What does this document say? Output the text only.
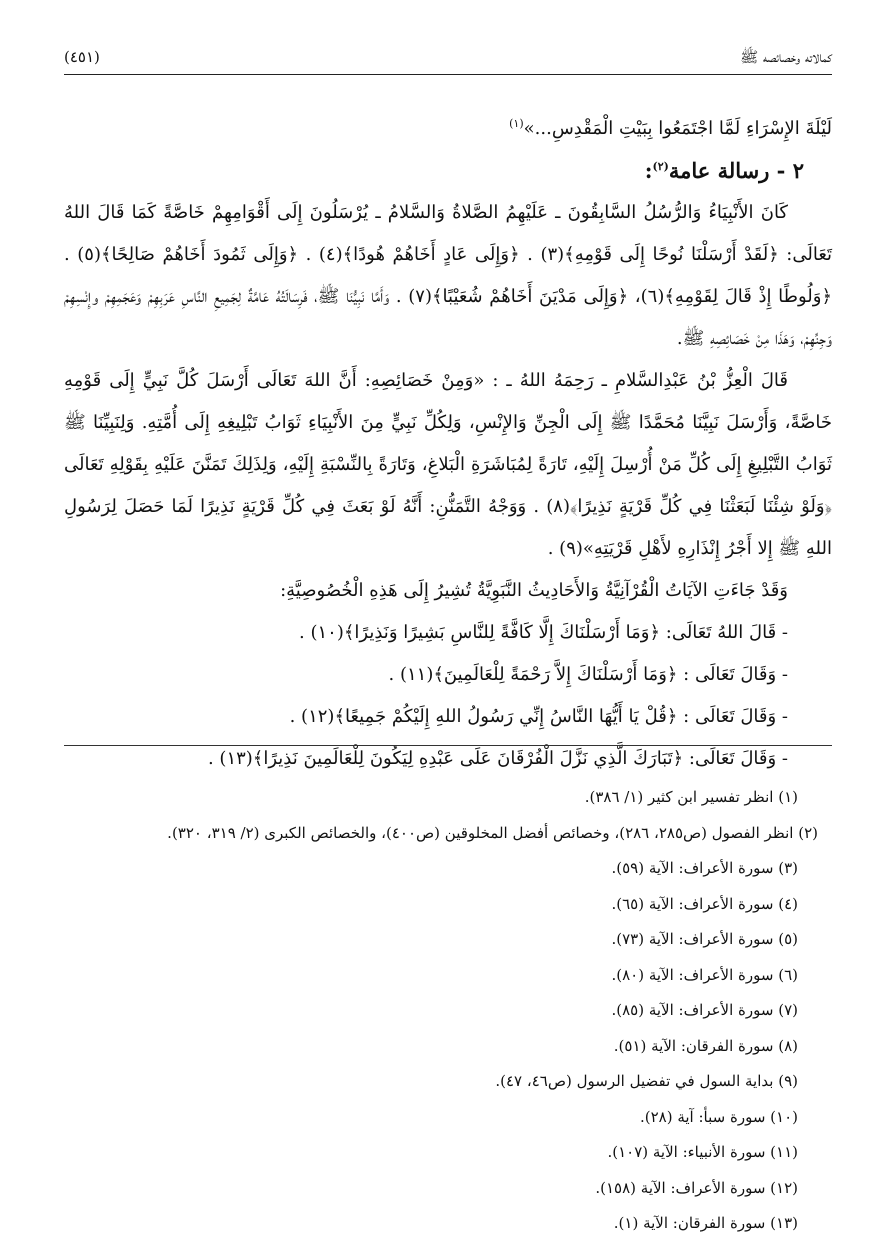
كمالاته وخصائصه ﷺ
(٤٥١)

لَيْلَةَ الإِسْرَاءِ لَمَّا اجْتَمَعُوا بِبَيْتِ الْمَقْدِسِ...»$^{(١)}$

٢ - رسالة عامة$^{(٢)}$:

كَانَ الأَنْبِيَاءُ وَالرُّسُلُ السَّابِقُونَ ـ عَلَيْهِمُ الصَّلاةُ وَالسَّلامُ ـ يُرْسَلُونَ إِلَى أَقْوَامِهِمْ خَاصَّةً كَمَا قَالَ اللهُ تَعَالَى: ﴿لَقَدْ أَرْسَلْنَا نُوحًا إِلَى قَوْمِهِ﴾(٣) . ﴿وَإِلَى عَادٍ أَخَاهُمْ هُودًا﴾(٤) . ﴿وَإِلَى ثَمُودَ أَخَاهُمْ صَالِحًا﴾(٥) . ﴿وَلُوطًا إِذْ قَالَ لِقَوْمِهِ﴾(٦)، ﴿وَإِلَى مَدْيَنَ أَخَاهُمْ شُعَيْبًا﴾(٧) . وَأَمَّا نَبِيُّنَا ﷺ، فَرِسَالَتُهُ عَامَّةٌ لِجَمِيعِ النَّاسِ عَرَبِهِمْ وَعَجَمِهِمْ وإِنْسِهِمْ وَجِنِّهِمْ، وَهَذَا مِنْ خَصَائِصِهِ ﷺ.

قَالَ الْعِزُّ بْنُ عَبْدِالسَّلامِ ـ رَحِمَهُ اللهُ ـ : «وَمِنْ خَصَائِصِهِ: أَنَّ اللهَ تَعَالَى أَرْسَلَ كُلَّ نَبِيٍّ إِلَى قَوْمِهِ خَاصَّةً، وَأَرْسَلَ نَبِيَّنَا مُحَمَّدًا ﷺ إِلَى الْجِنِّ وَالإِنْسِ، وَلِكُلِّ نَبِيٍّ مِنَ الأَنْبِيَاءِ ثَوَابُ تَبْلِيغِهِ إِلَى أُمَّتِهِ. وَلِنَبِيِّنَا ﷺ ثَوَابُ التَّبْلِيغِ إِلَى كُلِّ مَنْ أُرْسِلَ إِلَيْهِ، تَارَةً لِمُبَاشَرَةِ الْبَلاغِ، وَتَارَةً بِالنِّسْبَةِ إِلَيْهِ، وَلِذَلِكَ تَمَنَّنَ عَلَيْهِ بِقَوْلِهِ تَعَالَى ﴿وَلَوْ شِئْنَا لَبَعَثْنَا فِي كُلِّ قَرْيَةٍ نَذِيرًا﴾(٨) . وَوَجْهُ التَّمَنُّنِ: أَنَّهُ لَوْ بَعَثَ فِي كُلِّ قَرْيَةٍ نَذِيرًا لَمَا حَصَلَ لِرَسُولِ اللهِ ﷺ إِلا أَجْرُ إِنْذَارِهِ لأَهْلِ قَرْيَتِهِ»(٩) .

وَقَدْ جَاءَتِ الآيَاتُ الْقُرْآنِيَّةُ وَالأَحَادِيثُ النَّبَوِيَّةُ تُشِيرُ إِلَى هَذِهِ الْخُصُوصِيَّةِ:

- قَالَ اللهُ تَعَالَى: ﴿وَمَا أَرْسَلْنَاكَ إِلَّا كَافَّةً لِلنَّاسِ بَشِيرًا وَنَذِيرًا﴾(١٠) .

- وَقَالَ تَعَالَى : ﴿وَمَا أَرْسَلْنَاكَ إِلاَّ رَحْمَةً لِلْعَالَمِينَ﴾(١١) .

- وَقَالَ تَعَالَى : ﴿قُلْ يَا أَيُّهَا النَّاسُ إِنِّي رَسُولُ اللهِ إِلَيْكُمْ جَمِيعًا﴾(١٢) .

- وَقَالَ تَعَالَى: ﴿تَبَارَكَ الَّذِي نَزَّلَ الْفُرْقَانَ عَلَى عَبْدِهِ لِيَكُونَ لِلْعَالَمِينَ نَذِيرًا﴾(١٣) .

(١) انظر تفسير ابن كثير (١/ ٣٨٦).

(٢) انظر الفصول (ص٢٨٥، ٢٨٦)، وخصائص أفضل المخلوقين (ص٤٠٠)، والخصائص الكبرى (٢/ ٣١٩، ٣٢٠).

(٣) سورة الأعراف: الآية (٥٩).

(٤) سورة الأعراف: الآية (٦٥).

(٥) سورة الأعراف: الآية (٧٣).

(٦) سورة الأعراف: الآية (٨٠).

(٧) سورة الأعراف: الآية (٨٥).

(٨) سورة الفرقان: الآية (٥١).

(٩) بداية السول في تفضيل الرسول (ص٤٦، ٤٧).

(١٠) سورة سبأ: آية (٢٨).

(١١) سورة الأنبياء: الآية (١٠٧).

(١٢) سورة الأعراف: الآية (١٥٨).

(١٣) سورة الفرقان: الآية (١).
